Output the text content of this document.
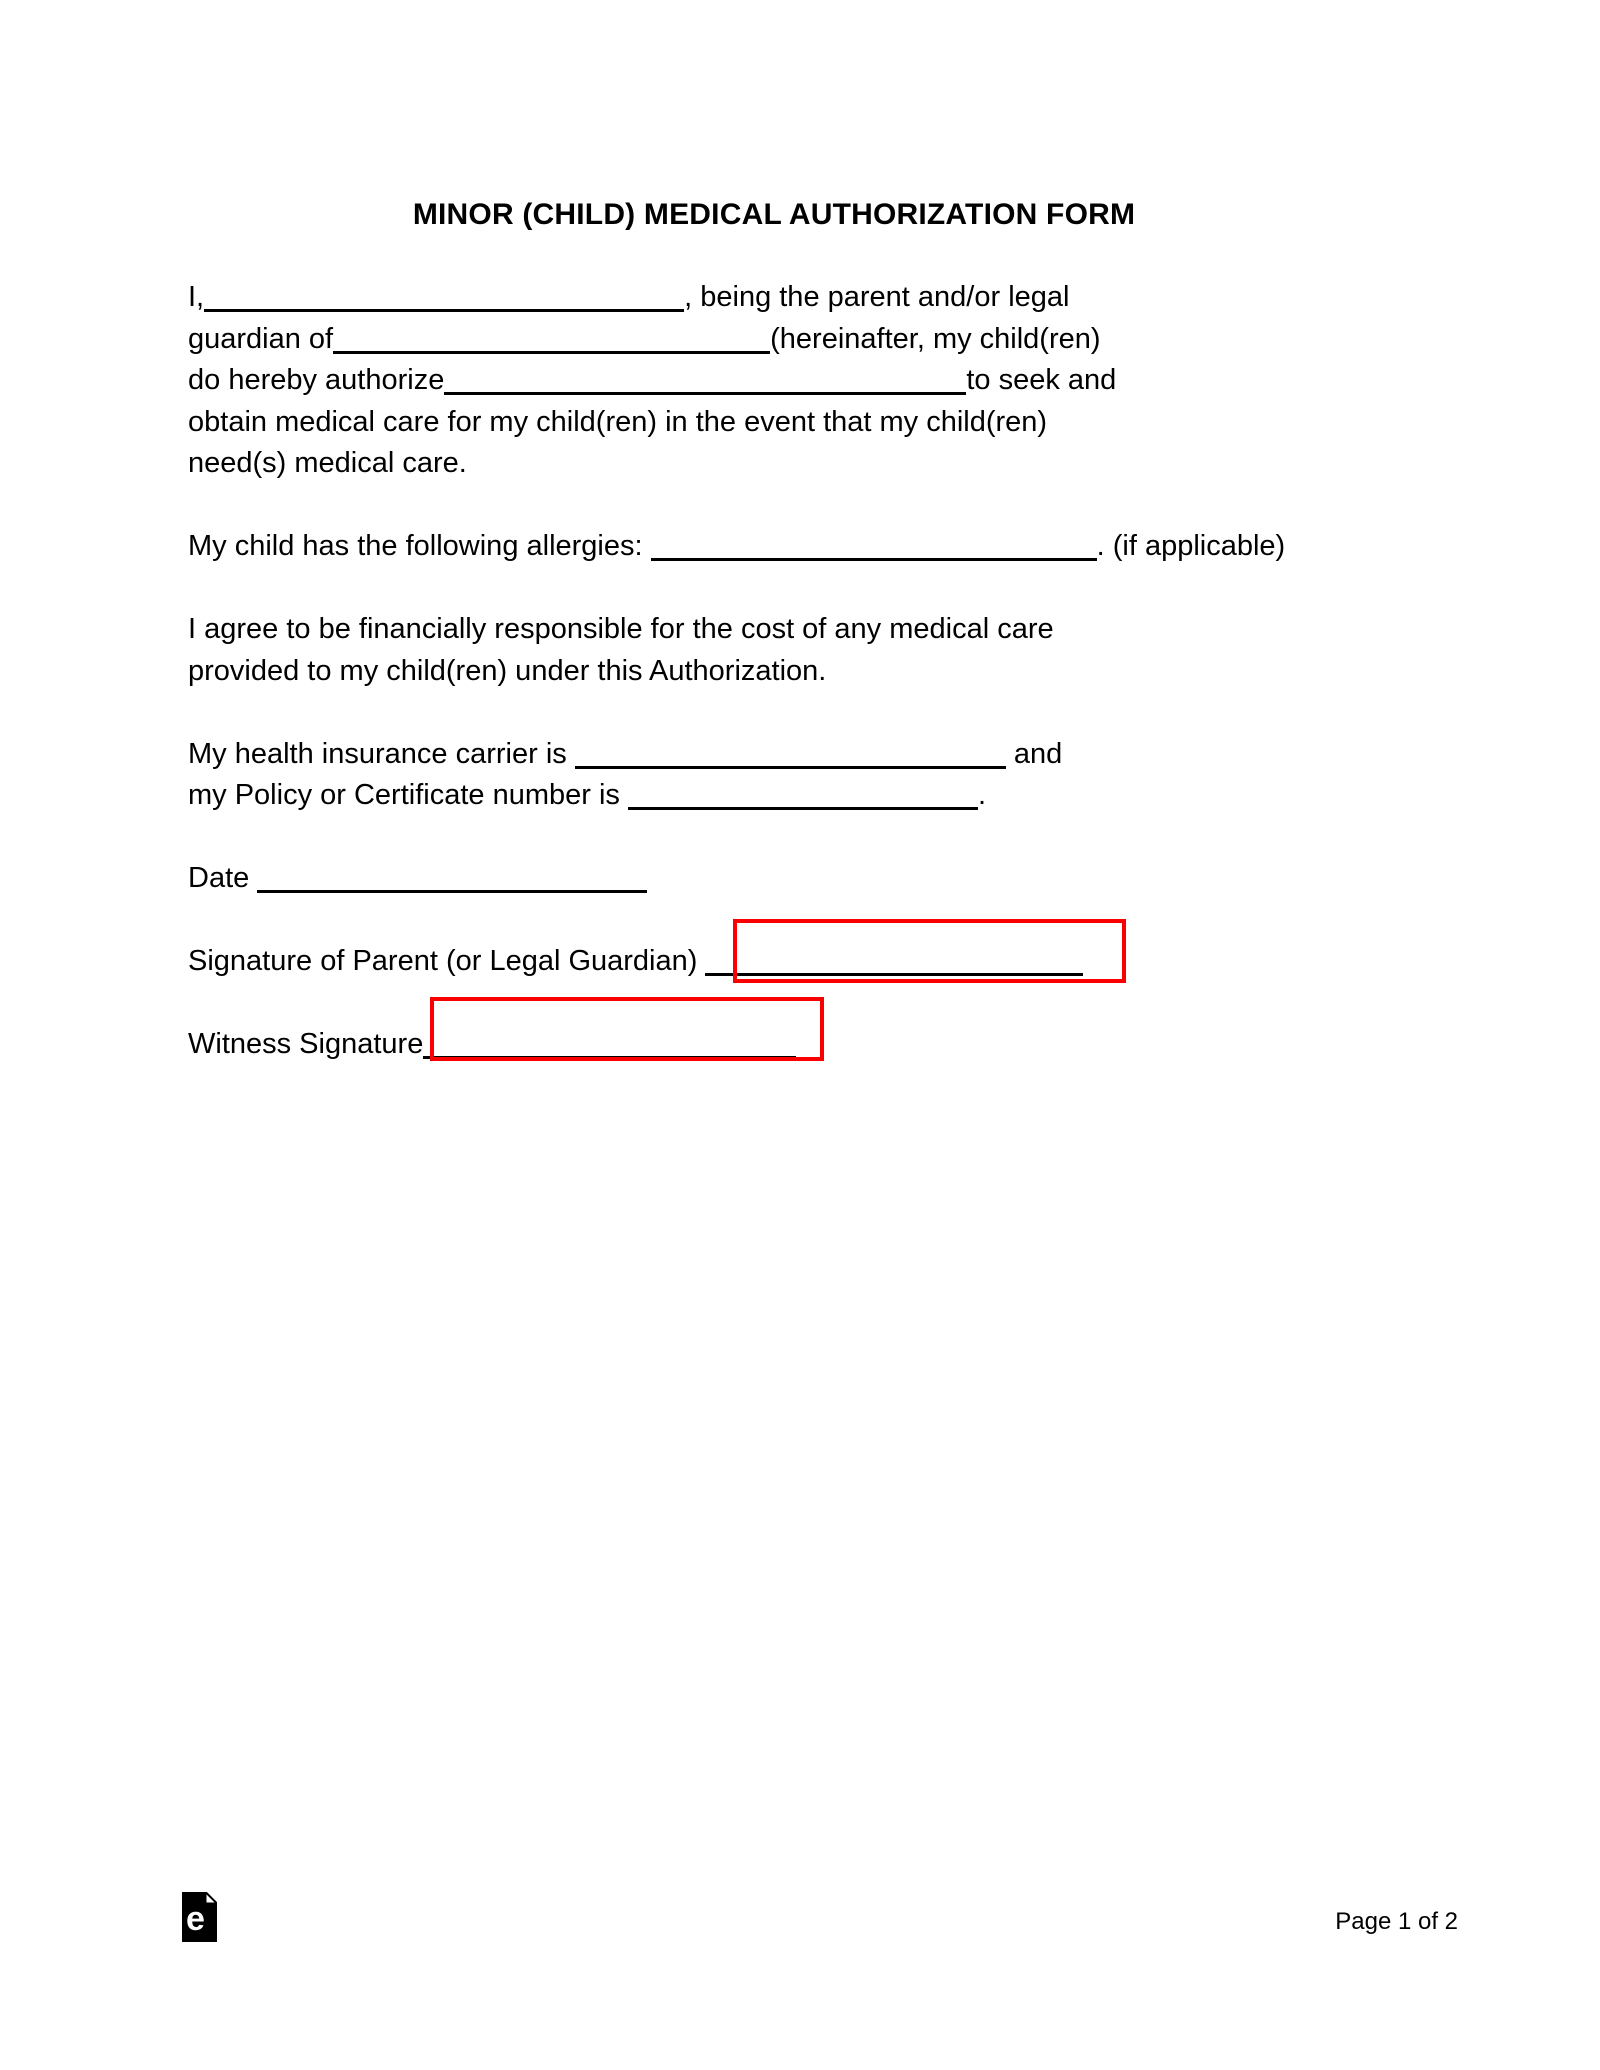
MINOR (CHILD) MEDICAL AUTHORIZATION FORM

I,	, being the parent and/or legal
guardian of	(hereinafter, my child(ren)
do hereby authorize	to seek and
obtain medical care for my child(ren) in the event that my child(ren)
need(s) medical care.

My child has the following allergies:	. (if applicable)

I agree to be financially responsible for the cost of any medical care
provided to my child(ren) under this Authorization.

My health insurance carrier is	and
my Policy or Certificate number is	.

Date

Signature of Parent (or Legal Guardian)

Witness Signature

e	Page 1 of 2
